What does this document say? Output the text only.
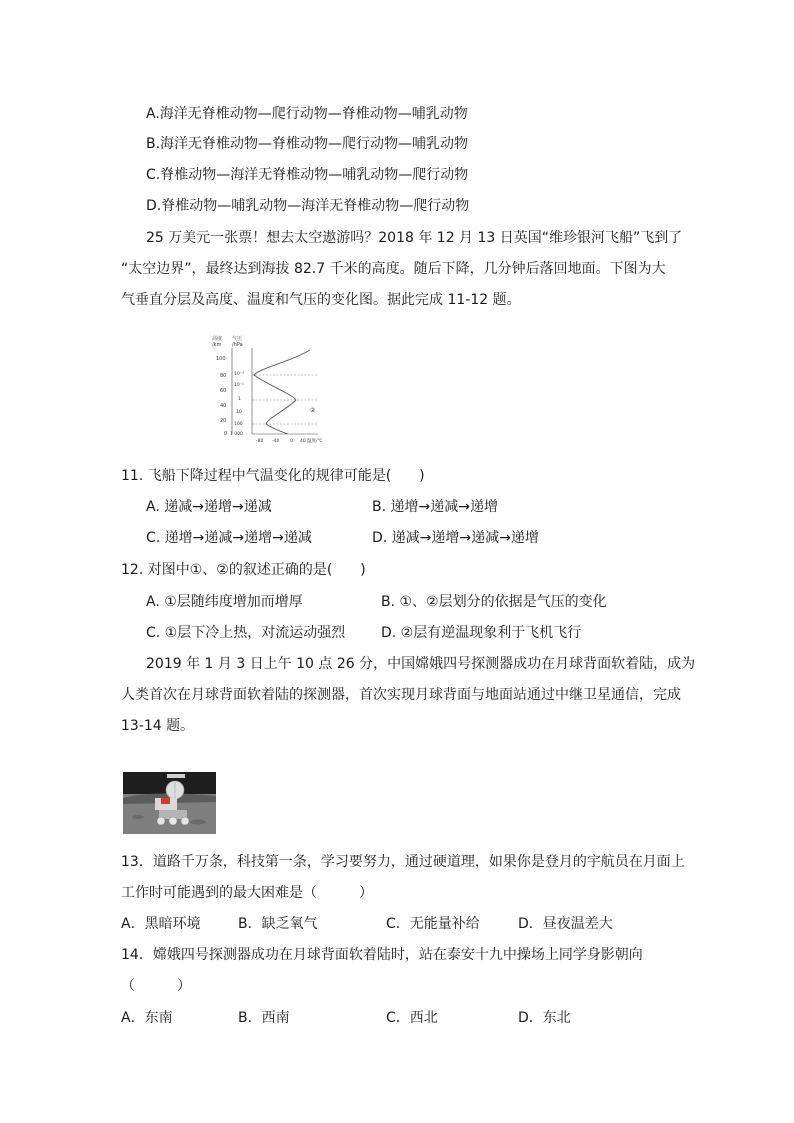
A.海洋无脊椎动物—爬行动物—脊椎动物—哺乳动物
B.海洋无脊椎动物—脊椎动物—爬行动物—哺乳动物
C.脊椎动物—海洋无脊椎动物—哺乳动物—爬行动物
D.脊椎动物—哺乳动物—海洋无脊椎动物—爬行动物
25 万美元一张票！想去太空遨游吗？2018 年 12 月 13 日英国“维珍银河飞船”飞到了
“太空边界”，最终达到海拔 82.7 千米的高度。随后下降，几分钟后落回地面。下图为大
气垂直分层及高度、温度和气压的变化图。据此完成 11-12 题。
高度
/km
气压
/hPa
100
80
60
40
20
0
10⁻³
10⁻¹
1
10
100
1 000
②
-80 -40 0 40 温度/℃
11. 飞船下降过程中气温变化的规律可能是(　　)
A. 递减→递增→递减	B. 递增→递减→递增
C. 递增→递减→递增→递减	D. 递减→递增→递减→递增
12. 对图中①、②的叙述正确的是(　　)
A. ①层随纬度增加而增厚	B. ①、②层划分的依据是气压的变化
C. ①层下冷上热，对流运动强烈	D. ②层有逆温现象利于飞机飞行
2019 年 1 月 3 日上午 10 点 26 分，中国嫦娥四号探测器成功在月球背面软着陆，成为
人类首次在月球背面软着陆的探测器，首次实现月球背面与地面站通过中继卫星通信，完成
13-14 题。
13．道路千万条，科技第一条，学习要努力，通过硬道理，如果你是登月的宇航员在月面上
工作时可能遇到的最大困难是（　　　）
A．黑暗环境	B．缺乏氧气	C．无能量补给	D．昼夜温差大
14．嫦娥四号探测器成功在月球背面软着陆时，站在泰安十九中操场上同学身影朝向
（　　　）
A．东南	B．西南	C．西北	D．东北
